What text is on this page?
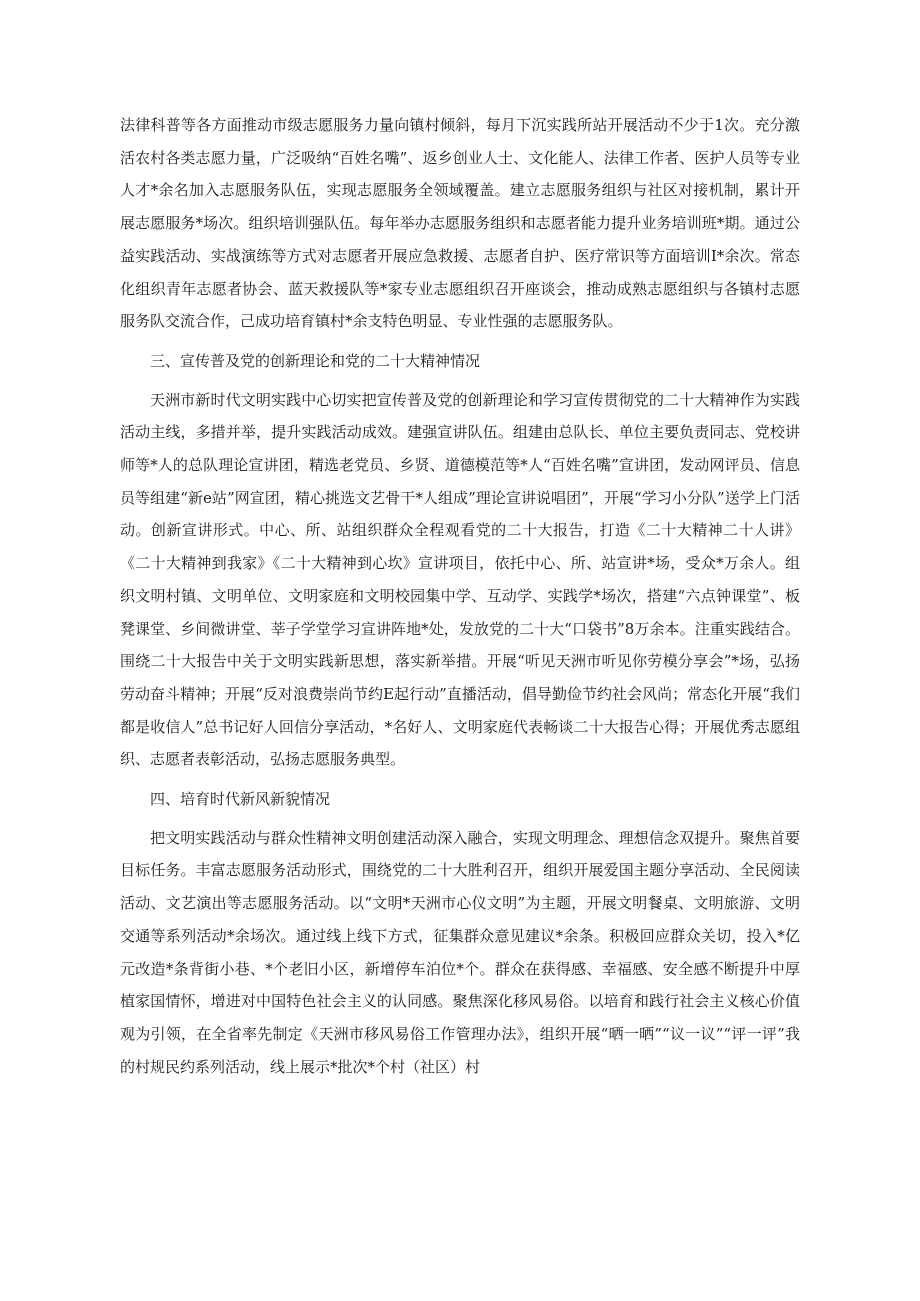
法律科普等各方面推动市级志愿服务力量向镇村倾斜，每月下沉实践所站开展活动不少于1次。充分激活农村各类志愿力量，广泛吸纳“百姓名嘴”、返乡创业人士、文化能人、法律工作者、医护人员等专业人才*余名加入志愿服务队伍，实现志愿服务全领域覆盖。建立志愿服务组织与社区对接机制，累计开展志愿服务*场次。组织培训强队伍。每年举办志愿服务组织和志愿者能力提升业务培训班*期。通过公益实践活动、实战演练等方式对志愿者开展应急救援、志愿者自护、医疗常识等方面培训I*余次。常态化组织青年志愿者协会、蓝天救援队等*家专业志愿组织召开座谈会，推动成熟志愿组织与各镇村志愿服务队交流合作，己成功培育镇村*余支特色明显、专业性强的志愿服务队。

三、宣传普及党的创新理论和党的二十大精神情况

天洲市新时代文明实践中心切实把宣传普及党的创新理论和学习宣传贯彻党的二十大精神作为实践活动主线，多措并举，提升实践活动成效。建强宣讲队伍。组建由总队长、单位主要负责同志、党校讲师等*人的总队理论宣讲团，精选老党员、乡贤、道德模范等*人“百姓名嘴”宣讲团，发动网评员、信息员等组建“新e站”网宣团，精心挑选文艺骨干*人组成”理论宣讲说唱团”，开展“学习小分队”送学上门活动。创新宣讲形式。中心、所、站组织群众全程观看党的二十大报告，打造《二十大精神二十人讲》《二十大精神到我家》《二十大精神到心坎》宣讲项目，依托中心、所、站宣讲*场，受众*万余人。组织文明村镇、文明单位、文明家庭和文明校园集中学、互动学、实践学*场次，搭建“六点钟课堂”、板凳课堂、乡间微讲堂、莘子学堂学习宣讲阵地*处，发放党的二十大“口袋书”8万余本。注重实践结合。围绕二十大报告中关于文明实践新思想，落实新举措。开展“听见天洲市听见你劳模分享会”*场，弘扬劳动奋斗精神；开展“反对浪费崇尚节约E起行动”直播活动，倡导勤俭节约社会风尚；常态化开展“我们都是收信人”总书记好人回信分享活动，*名好人、文明家庭代表畅谈二十大报告心得；开展优秀志愿组织、志愿者表彰活动，弘扬志愿服务典型。

四、培育时代新风新貌情况

把文明实践活动与群众性精神文明创建活动深入融合，实现文明理念、理想信念双提升。聚焦首要目标任务。丰富志愿服务活动形式，围绕党的二十大胜利召开，组织开展爱国主题分享活动、全民阅读活动、文艺演出等志愿服务活动。以“文明*天洲市心仪文明”为主题，开展文明餐桌、文明旅游、文明交通等系列活动*余场次。通过线上线下方式，征集群众意见建议*余条。积极回应群众关切，投入*亿元改造*条背街小巷、*个老旧小区，新增停车泊位*个。群众在获得感、幸福感、安全感不断提升中厚植家国情怀，增进对中国特色社会主义的认同感。聚焦深化移风易俗。以培育和践行社会主义核心价值观为引领，在全省率先制定《天洲市移风易俗工作管理办法》，组织开展“晒一晒”“议一议”“评一评”我的村规民约系列活动，线上展示*批次*个村（社区）村
